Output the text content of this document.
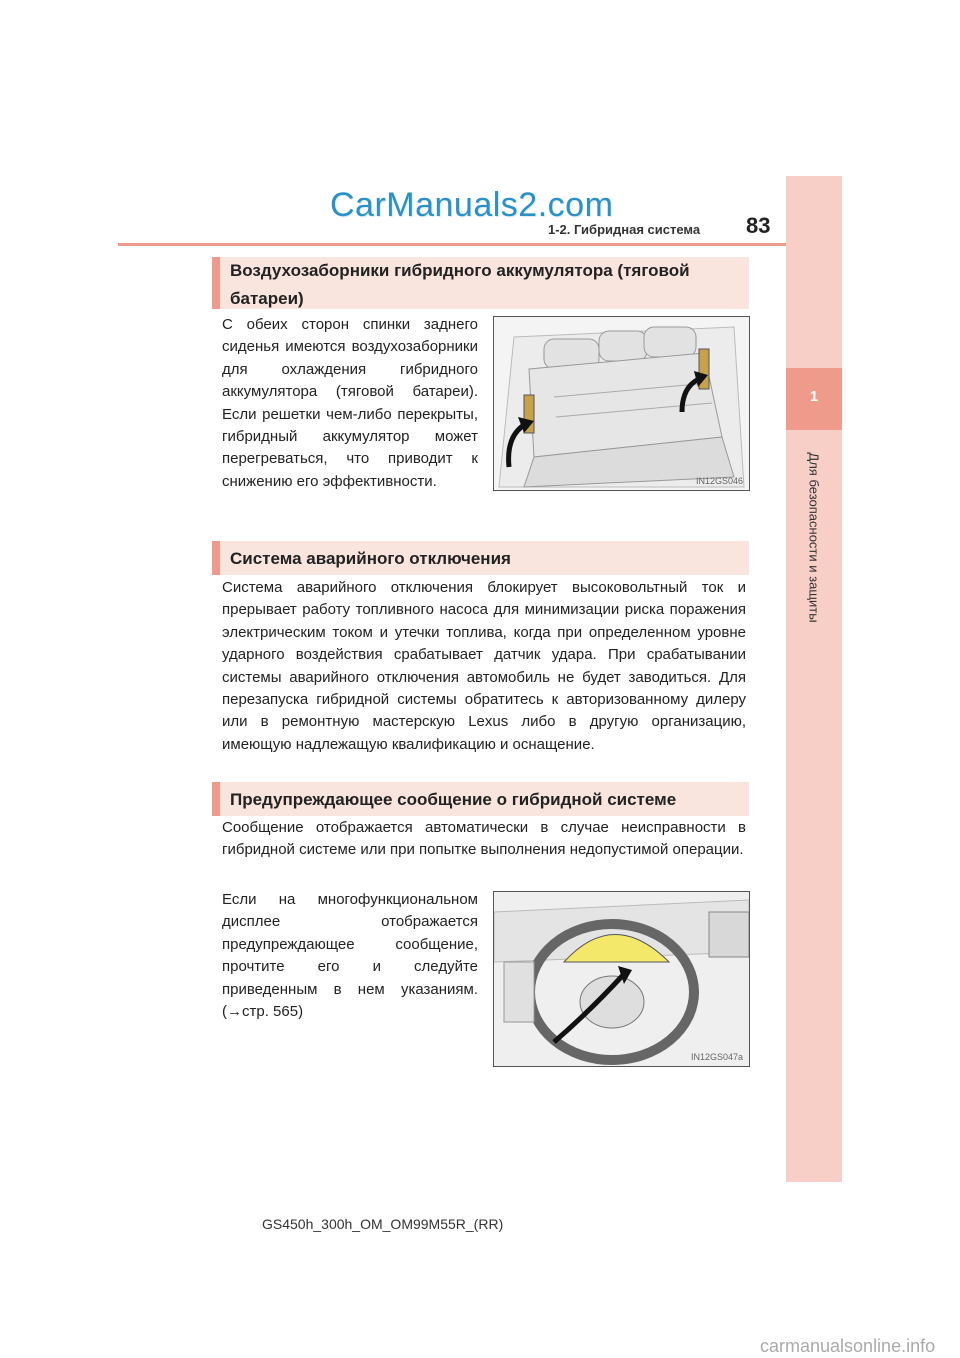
CarManuals2.com
1-2. Гибридная система 83
1
Для безопасности и защиты
Воздухозаборники гибридного аккумулятора (тяговой батареи)
С обеих сторон спинки заднего сиденья имеются воздухозаборники для охлаждения гибридного аккумулятора (тяговой батареи). Если решетки чем-либо перекрыты, гибридный аккумулятор может перегреваться, что приводит к снижению его эффективности.	IN12GS046
Система аварийного отключения
Система аварийного отключения блокирует высоковольтный ток и прерывает работу топливного насоса для минимизации риска поражения электрическим током и утечки топлива, когда при определенном уровне ударного воздействия срабатывает датчик удара. При срабатывании системы аварийного отключения автомобиль не будет заводиться. Для перезапуска гибридной системы обратитесь к авторизованному дилеру или в ремонтную мастерскую Lexus либо в другую организацию, имеющую надлежащую квалификацию и оснащение.
Предупреждающее сообщение о гибридной системе
Сообщение отображается автоматически в случае неисправности в гибридной системе или при попытке выполнения недопустимой операции.
Если на многофункциональном дисплее отображается предупреждающее сообщение, прочтите его и следуйте приведенным в нем указаниям. (→стр. 565)
IN12GS047a
GS450h_300h_OM_OM99M55R_(RR)
carmanualsonline.info
